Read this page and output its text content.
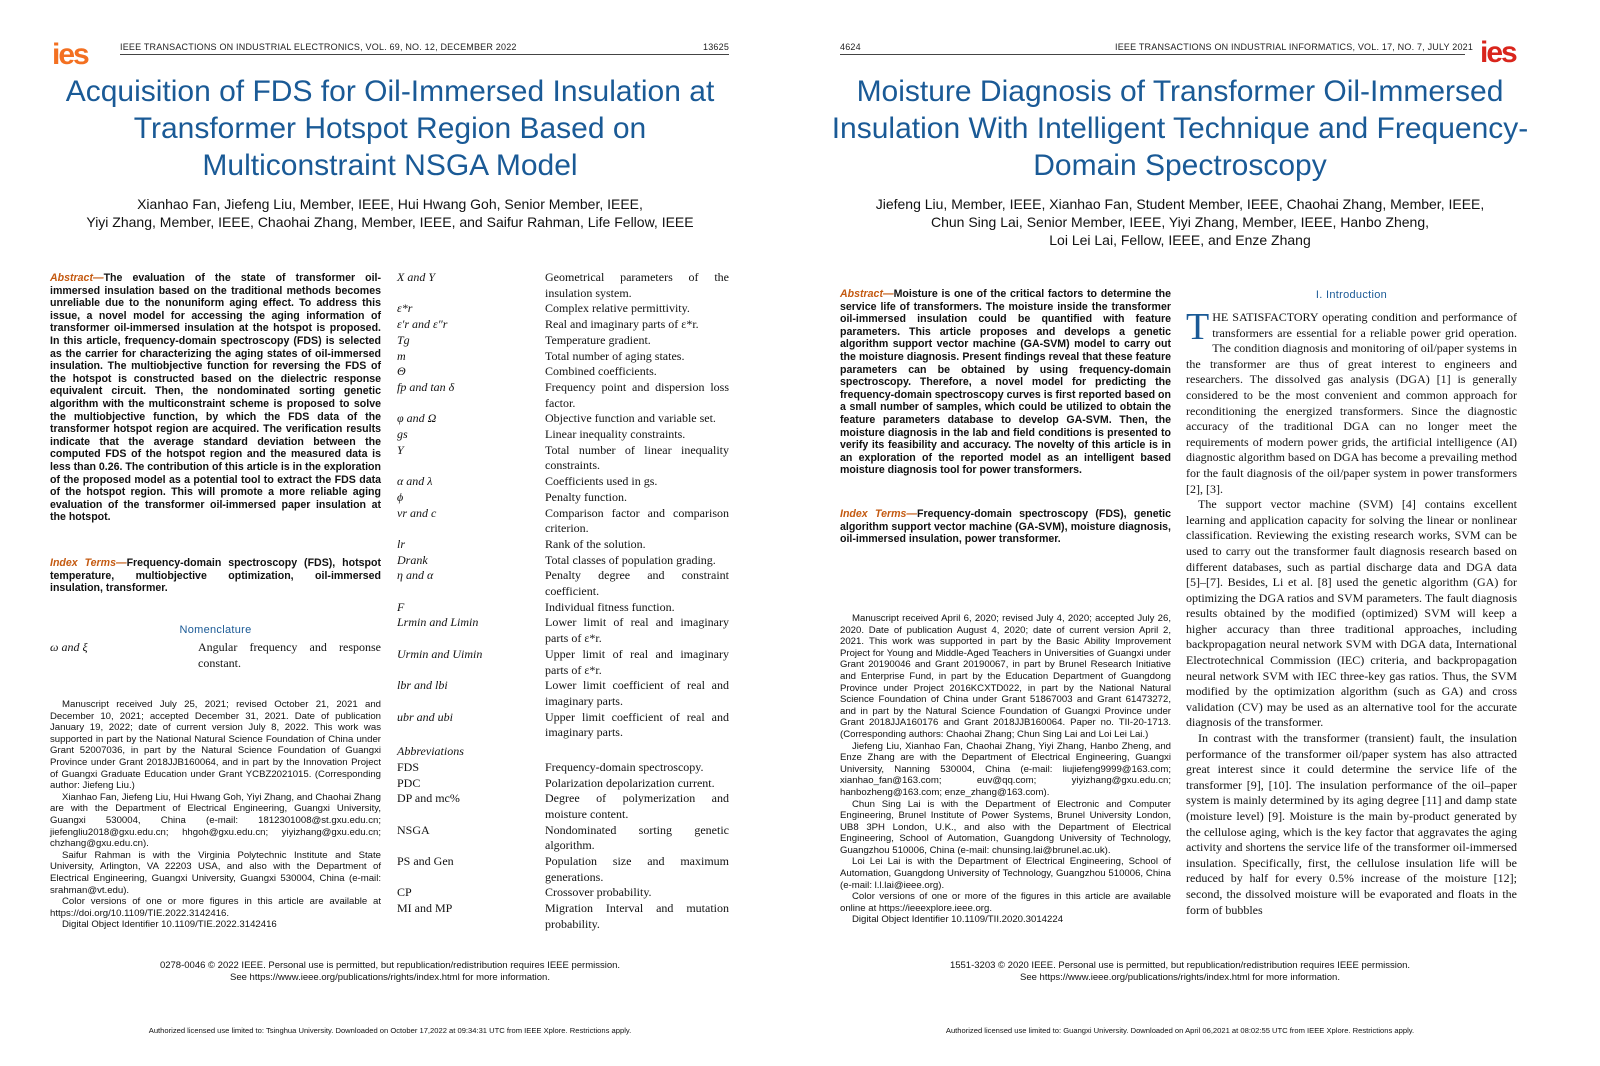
ies	IEEE TRANSACTIONS ON INDUSTRIAL ELECTRONICS, VOL. 69, NO. 12, DECEMBER 2022	13625
Acquisition of FDS for Oil-Immersed Insulation at Transformer Hotspot Region Based on Multiconstraint NSGA Model
Xianhao Fan, Jiefeng Liu, Member, IEEE, Hui Hwang Goh, Senior Member, IEEE,
Yiyi Zhang, Member, IEEE, Chaohai Zhang, Member, IEEE, and Saifur Rahman, Life Fellow, IEEE
Abstract—The evaluation of the state of transformer oil-immersed insulation based on the traditional methods becomes unreliable due to the nonuniform aging effect. To address this issue, a novel model for accessing the aging information of transformer oil-immersed insulation at the hotspot is proposed. In this article, frequency-domain spectroscopy (FDS) is selected as the carrier for characterizing the aging states of oil-immersed insulation. The multiobjective function for reversing the FDS of the hotspot is constructed based on the dielectric response equivalent circuit. Then, the nondominated sorting genetic algorithm with the multiconstraint scheme is proposed to solve the multiobjective function, by which the FDS data of the transformer hotspot region are acquired. The verification results indicate that the average standard deviation between the computed FDS of the hotspot region and the measured data is less than 0.26. The contribution of this article is in the exploration of the proposed model as a potential tool to extract the FDS data of the hotspot region. This will promote a more reliable aging evaluation of the transformer oil-immersed paper insulation at the hotspot.
Index Terms—Frequency-domain spectroscopy (FDS), hotspot temperature, multiobjective optimization, oil-immersed insulation, transformer.
Nomenclature
ω and ξ	Angular frequency and response constant.

Manuscript received July 25, 2021; revised October 21, 2021 and December 10, 2021; accepted December 31, 2021. Date of publication January 19, 2022; date of current version July 8, 2022. This work was supported in part by the National Natural Science Foundation of China under Grant 52007036, in part by the Natural Science Foundation of Guangxi Province under Grant 2018JJB160064, and in part by the Innovation Project of Guangxi Graduate Education under Grant YCBZ2021015. (Corresponding author: Jiefeng Liu.)

Xianhao Fan, Jiefeng Liu, Hui Hwang Goh, Yiyi Zhang, and Chaohai Zhang are with the Department of Electrical Engineering, Guangxi University, Guangxi 530004, China (e-mail: 1812301008@st.gxu.edu.cn; jiefengliu2018@gxu.edu.cn; hhgoh@gxu.edu.cn; yiyizhang@gxu.edu.cn; chzhang@gxu.edu.cn).

Saifur Rahman is with the Virginia Polytechnic Institute and State University, Arlington, VA 22203 USA, and also with the Department of Electrical Engineering, Guangxi University, Guangxi 530004, China (e-mail: srahman@vt.edu).

Color versions of one or more figures in this article are available at https://doi.org/10.1109/TIE.2022.3142416.

Digital Object Identifier 10.1109/TIE.2022.3142416

X and Y	Geometrical parameters of the insulation system.
ε*r	Complex relative permittivity.
ε′r and ε″r	Real and imaginary parts of ε*r.
Tg	Temperature gradient.
m	Total number of aging states.
Θ	Combined coefficients.
fp and tan δ	Frequency point and dispersion loss factor.
φ and Ω	Objective function and variable set.
gs	Linear inequality constraints.
Υ	Total number of linear inequality constraints.
α and λ	Coefficients used in gs.
ϕ	Penalty function.
vr and c	Comparison factor and comparison criterion.
lr	Rank of the solution.
Drank	Total classes of population grading.
η and α	Penalty degree and constraint coefficient.
F	Individual fitness function.
Lrmin and Limin	Lower limit of real and imaginary parts of ε*r.
Urmin and Uimin	Upper limit of real and imaginary parts of ε*r.
lbr and lbi	Lower limit coefficient of real and imaginary parts.
ubr and ubi	Upper limit coefficient of real and imaginary parts.
Abbreviations
FDS	Frequency-domain spectroscopy.
PDC	Polarization depolarization current.
DP and mc%	Degree of polymerization and moisture content.
NSGA	Nondominated sorting genetic algorithm.
PS and Gen	Population size and maximum generations.
CP	Crossover probability.
MI and MP	Migration Interval and mutation probability.
0278-0046 © 2022 IEEE. Personal use is permitted, but republication/redistribution requires IEEE permission.
See https://www.ieee.org/publications/rights/index.html for more information.
Authorized licensed use limited to: Tsinghua University. Downloaded on October 17,2022 at 09:34:31 UTC from IEEE Xplore. Restrictions apply.
4624	IEEE TRANSACTIONS ON INDUSTRIAL INFORMATICS, VOL. 17, NO. 7, JULY 2021 ies
Moisture Diagnosis of Transformer Oil-Immersed Insulation With Intelligent Technique and Frequency-Domain Spectroscopy
Jiefeng Liu, Member, IEEE, Xianhao Fan, Student Member, IEEE, Chaohai Zhang, Member, IEEE,
Chun Sing Lai, Senior Member, IEEE, Yiyi Zhang, Member, IEEE, Hanbo Zheng,
Loi Lei Lai, Fellow, IEEE, and Enze Zhang
Abstract—Moisture is one of the critical factors to determine the service life of transformers. The moisture inside the transformer oil-immersed insulation could be quantified with feature parameters. This article proposes and develops a genetic algorithm support vector machine (GA-SVM) model to carry out the moisture diagnosis. Present findings reveal that these feature parameters can be obtained by using frequency-domain spectroscopy. Therefore, a novel model for predicting the frequency-domain spectroscopy curves is first reported based on a small number of samples, which could be utilized to obtain the feature parameters database to develop GA-SVM. Then, the moisture diagnosis in the lab and field conditions is presented to verify its feasibility and accuracy. The novelty of this article is in an exploration of the reported model as an intelligent based moisture diagnosis tool for power transformers.
Index Terms—Frequency-domain spectroscopy (FDS), genetic algorithm support vector machine (GA-SVM), moisture diagnosis, oil-immersed insulation, power transformer.

Manuscript received April 6, 2020; revised July 4, 2020; accepted July 26, 2020. Date of publication August 4, 2020; date of current version April 2, 2021. This work was supported in part by the Basic Ability Improvement Project for Young and Middle-Aged Teachers in Universities of Guangxi under Grant 20190046 and Grant 20190067, in part by Brunel Research Initiative and Enterprise Fund, in part by the Education Department of Guangdong Province under Project 2016KCXTD022, in part by the National Natural Science Foundation of China under Grant 51867003 and Grant 61473272, and in part by the Natural Science Foundation of Guangxi Province under Grant 2018JJA160176 and Grant 2018JJB160064. Paper no. TII-20-1713. (Corresponding authors: Chaohai Zhang; Chun Sing Lai and Loi Lei Lai.)

Jiefeng Liu, Xianhao Fan, Chaohai Zhang, Yiyi Zhang, Hanbo Zheng, and Enze Zhang are with the Department of Electrical Engineering, Guangxi University, Nanning 530004, China (e-mail: liujiefeng9999@163.com; xianhao_fan@163.com; euv@qq.com; yiyizhang@gxu.edu.cn; hanbozheng@163.com; enze_zhang@163.com).

Chun Sing Lai is with the Department of Electronic and Computer Engineering, Brunel Institute of Power Systems, Brunel University London, UB8 3PH London, U.K., and also with the Department of Electrical Engineering, School of Automation, Guangdong University of Technology, Guangzhou 510006, China (e-mail: chunsing.lai@brunel.ac.uk).

Loi Lei Lai is with the Department of Electrical Engineering, School of Automation, Guangdong University of Technology, Guangzhou 510006, China (e-mail: l.l.lai@ieee.org).

Color versions of one or more of the figures in this article are available online at https://ieeexplore.ieee.org.

Digital Object Identifier 10.1109/TII.2020.3014224

I. Introduction
T HE SATISFACTORY operating condition and performance of transformers are essential for a reliable power grid operation. The condition diagnosis and monitoring of oil/paper systems in the transformer are thus of great interest to engineers and researchers. The dissolved gas analysis (DGA) [1] is generally considered to be the most convenient and common approach for reconditioning the energized transformers. Since the diagnostic accuracy of the traditional DGA can no longer meet the requirements of modern power grids, the artificial intelligence (AI) diagnostic algorithm based on DGA has become a prevailing method for the fault diagnosis of the oil/paper system in power transformers [2], [3].

The support vector machine (SVM) [4] contains excellent learning and application capacity for solving the linear or nonlinear classification. Reviewing the existing research works, SVM can be used to carry out the transformer fault diagnosis research based on different databases, such as partial discharge data and DGA data [5]–[7]. Besides, Li et al. [8] used the genetic algorithm (GA) for optimizing the DGA ratios and SVM parameters. The fault diagnosis results obtained by the modified (optimized) SVM will keep a higher accuracy than three traditional approaches, including backpropagation neural network SVM with DGA data, International Electrotechnical Commission (IEC) criteria, and backpropagation neural network SVM with IEC three-key gas ratios. Thus, the SVM modified by the optimization algorithm (such as GA) and cross validation (CV) may be used as an alternative tool for the accurate diagnosis of the transformer.

In contrast with the transformer (transient) fault, the insulation performance of the transformer oil/paper system has also attracted great interest since it could determine the service life of the transformer [9], [10]. The insulation performance of the oil–paper system is mainly determined by its aging degree [11] and damp state (moisture level) [9]. Moisture is the main by-product generated by the cellulose aging, which is the key factor that aggravates the aging activity and shortens the service life of the transformer oil-immersed insulation. Specifically, first, the cellulose insulation life will be reduced by half for every 0.5% increase of the moisture [12]; second, the dissolved moisture will be evaporated and floats in the form of bubbles

1551-3203 © 2020 IEEE. Personal use is permitted, but republication/redistribution requires IEEE permission.
See https://www.ieee.org/publications/rights/index.html for more information.
Authorized licensed use limited to: Guangxi University. Downloaded on April 06,2021 at 08:02:55 UTC from IEEE Xplore. Restrictions apply.
